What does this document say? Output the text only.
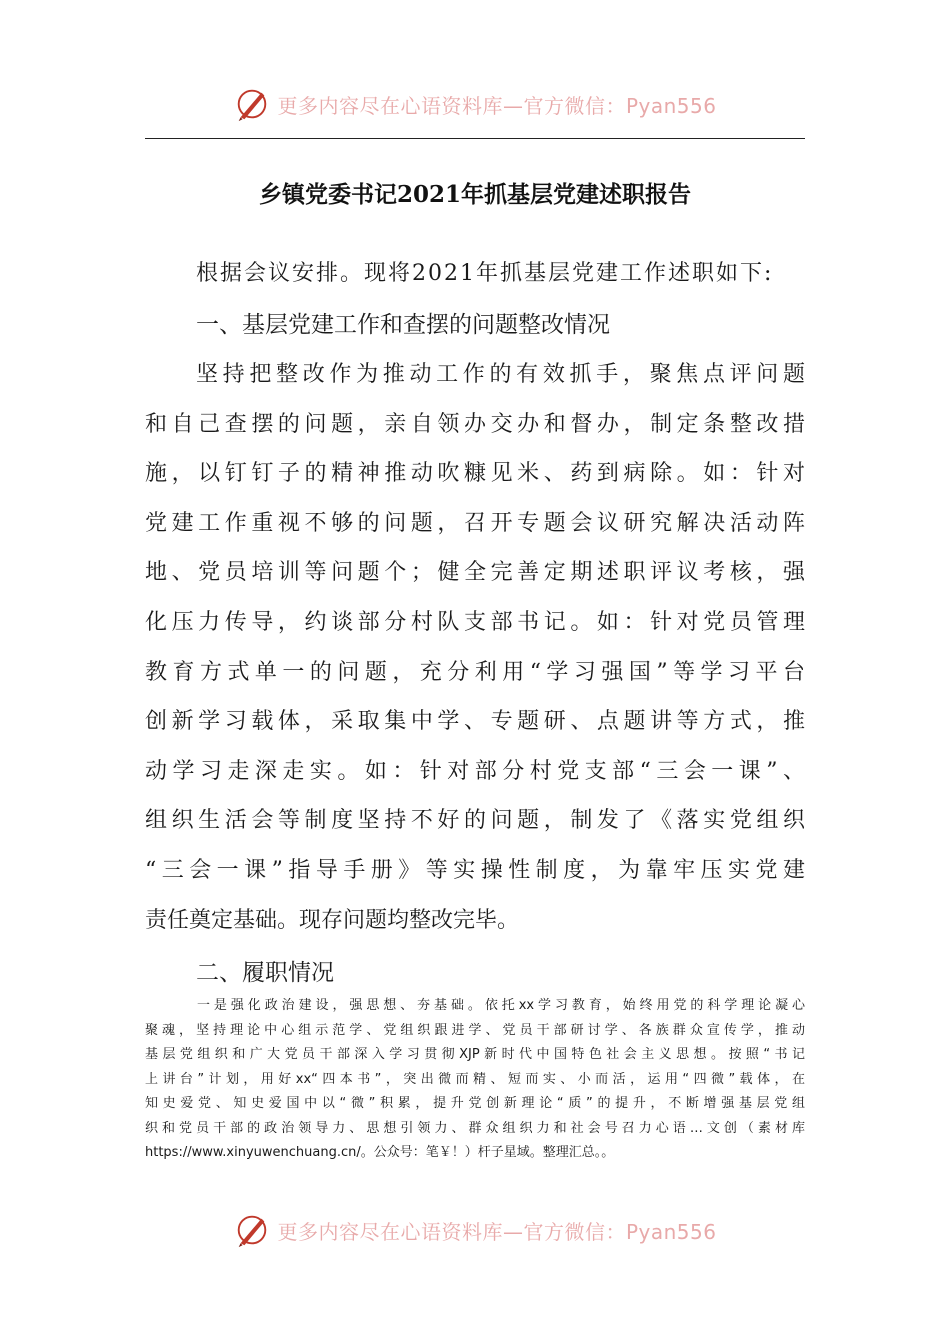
更多内容尽在心语资料库—官方微信：Pyan556
乡镇党委书记2021年抓基层党建述职报告
根据会议安排。现将2021年抓基层党建工作述职如下:
一、基层党建工作和查摆的问题整改情况
坚持把整改作为推动工作的有效抓手，聚焦点评问题
和自己查摆的问题，亲自领办交办和督办，制定条整改措
施，以钉钉子的精神推动吹糠见米、药到病除。如：针对
党建工作重视不够的问题，召开专题会议研究解决活动阵
地、党员培训等问题个；健全完善定期述职评议考核，强
化压力传导，约谈部分村队支部书记。如：针对党员管理
教育方式单一的问题，充分利用“学习强国”等学习平台
创新学习载体，采取集中学、专题研、点题讲等方式，推
动学习走深走实。如：针对部分村党支部“三会一课”、
组织生活会等制度坚持不好的问题，制发了《落实党组织
“三会一课”指导手册》等实操性制度，为靠牢压实党建
责任奠定基础。现存问题均整改完毕。
二、履职情况
一是强化政治建设，强思想、夯基础。依托xx学习教育，始终用党的科学理论凝心
聚魂，坚持理论中心组示范学、党组织跟进学、党员干部研讨学、各族群众宣传学，推动
基层党组织和广大党员干部深入学习贯彻XJP新时代中国特色社会主义思想。按照“书记
上讲台”计划，用好xx“四本书”，突出微而精、短而实、小而活，运用“四微”载体，在
知史爱党、知史爱国中以“微”积累，提升党创新理论“质”的提升，不断增强基层党组
织和党员干部的政治领导力、思想引领力、群众组织力和社会号召力心语…文创（素材库
https://www.xinyuwenchuang.cn/。公众号：笔￥！）杆子星域。整理汇总。。
更多内容尽在心语资料库—官方微信：Pyan556
